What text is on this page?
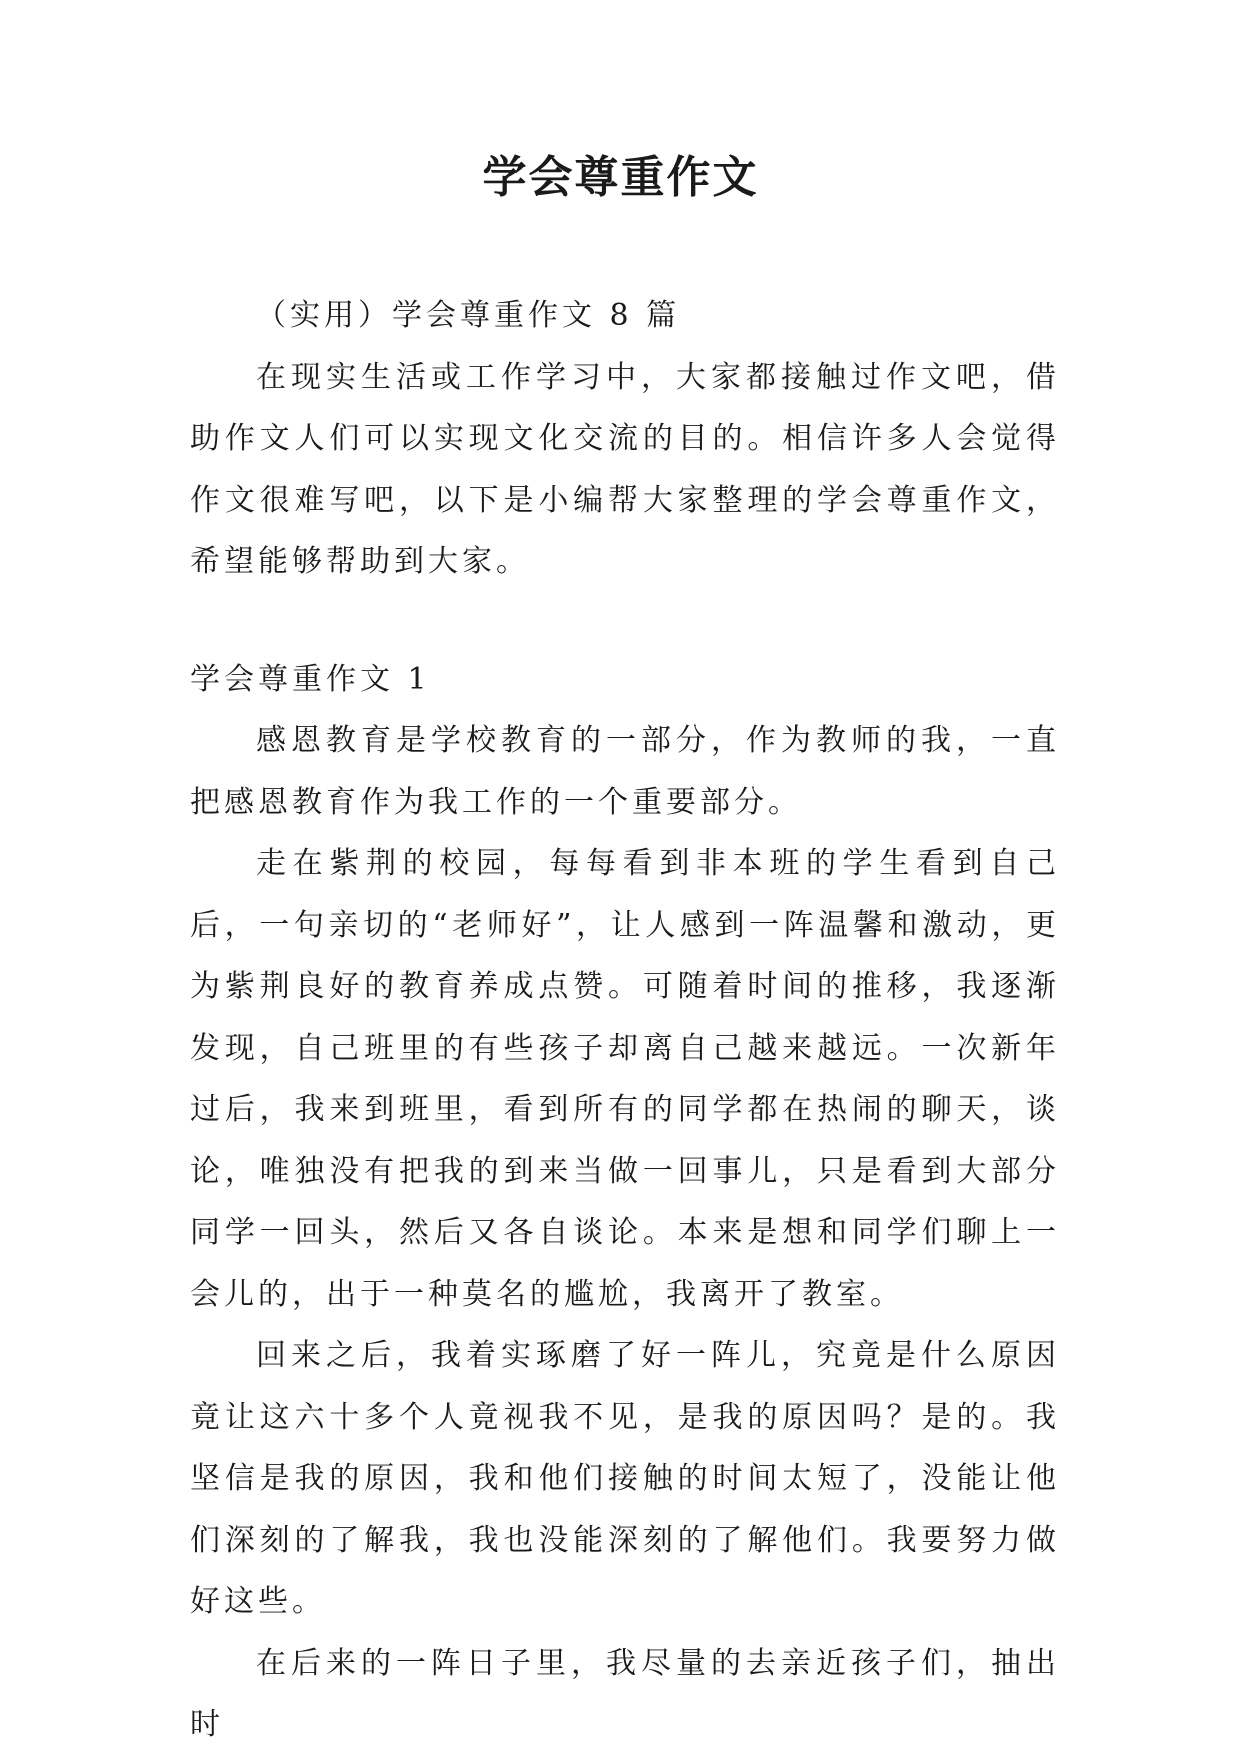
学会尊重作文

（实用）学会尊重作文 8 篇

在现实生活或工作学习中，大家都接触过作文吧，借助作文人们可以实现文化交流的目的。相信许多人会觉得作文很难写吧，以下是小编帮大家整理的学会尊重作文，希望能够帮助到大家。

学会尊重作文 1

感恩教育是学校教育的一部分，作为教师的我，一直把感恩教育作为我工作的一个重要部分。

走在紫荆的校园，每每看到非本班的学生看到自己后，一句亲切的“老师好”，让人感到一阵温馨和激动，更为紫荆良好的教育养成点赞。可随着时间的推移，我逐渐发现，自己班里的有些孩子却离自己越来越远。一次新年过后，我来到班里，看到所有的同学都在热闹的聊天，谈论，唯独没有把我的到来当做一回事儿，只是看到大部分同学一回头，然后又各自谈论。本来是想和同学们聊上一会儿的，出于一种莫名的尴尬，我离开了教室。

回来之后，我着实琢磨了好一阵儿，究竟是什么原因竟让这六十多个人竟视我不见，是我的原因吗？是的。我坚信是我的原因，我和他们接触的时间太短了，没能让他们深刻的了解我，我也没能深刻的了解他们。我要努力做好这些。

在后来的一阵日子里，我尽量的去亲近孩子们，抽出时
